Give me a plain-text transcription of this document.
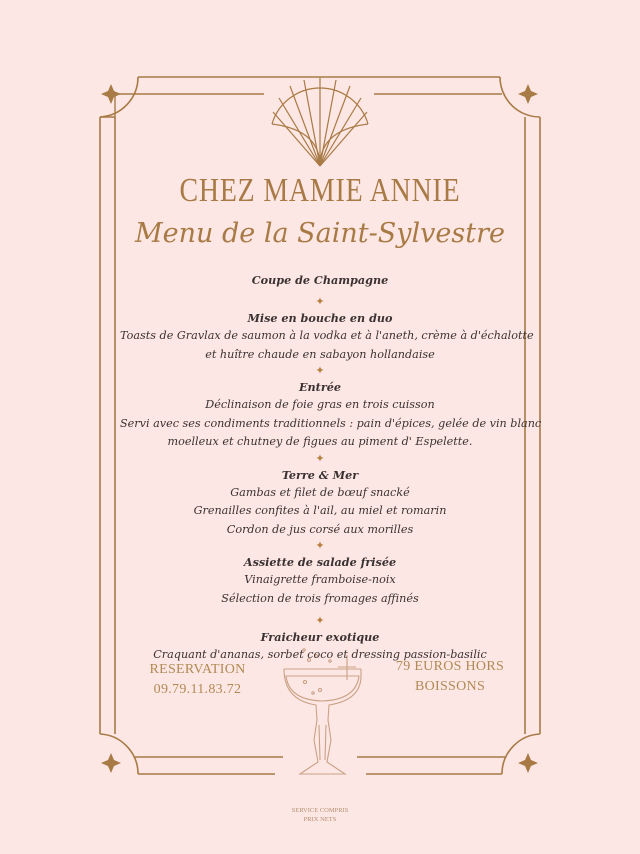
CHEZ MAMIE ANNIE
Menu de la Saint-Sylvestre
Coupe de Champagne
✦
Mise en bouche en duo
Toasts de Gravlax de saumon à la vodka et à l'aneth, crème à d'échalotte
et huître chaude en sabayon hollandaise
✦
Entrée
Déclinaison de foie gras en trois cuisson
Servi avec ses condiments traditionnels : pain d'épices, gelée de vin blanc
moelleux et chutney de figues au piment d' Espelette.
✦
Terre & Mer
Gambas et filet de bœuf snacké
Grenailles confites à l'ail, au miel et romarin
Cordon de jus corsé aux morilles
✦
Assiette de salade frisée
Vinaigrette framboise-noix
Sélection de trois fromages affinés
✦
Fraicheur exotique
Craquant d'ananas, sorbet coco et dressing passion-basilic
RESERVATION
09.79.11.83.72
79 EUROS HORS
BOISSONS
SERVICE COMPRIS
PRIX NETS
